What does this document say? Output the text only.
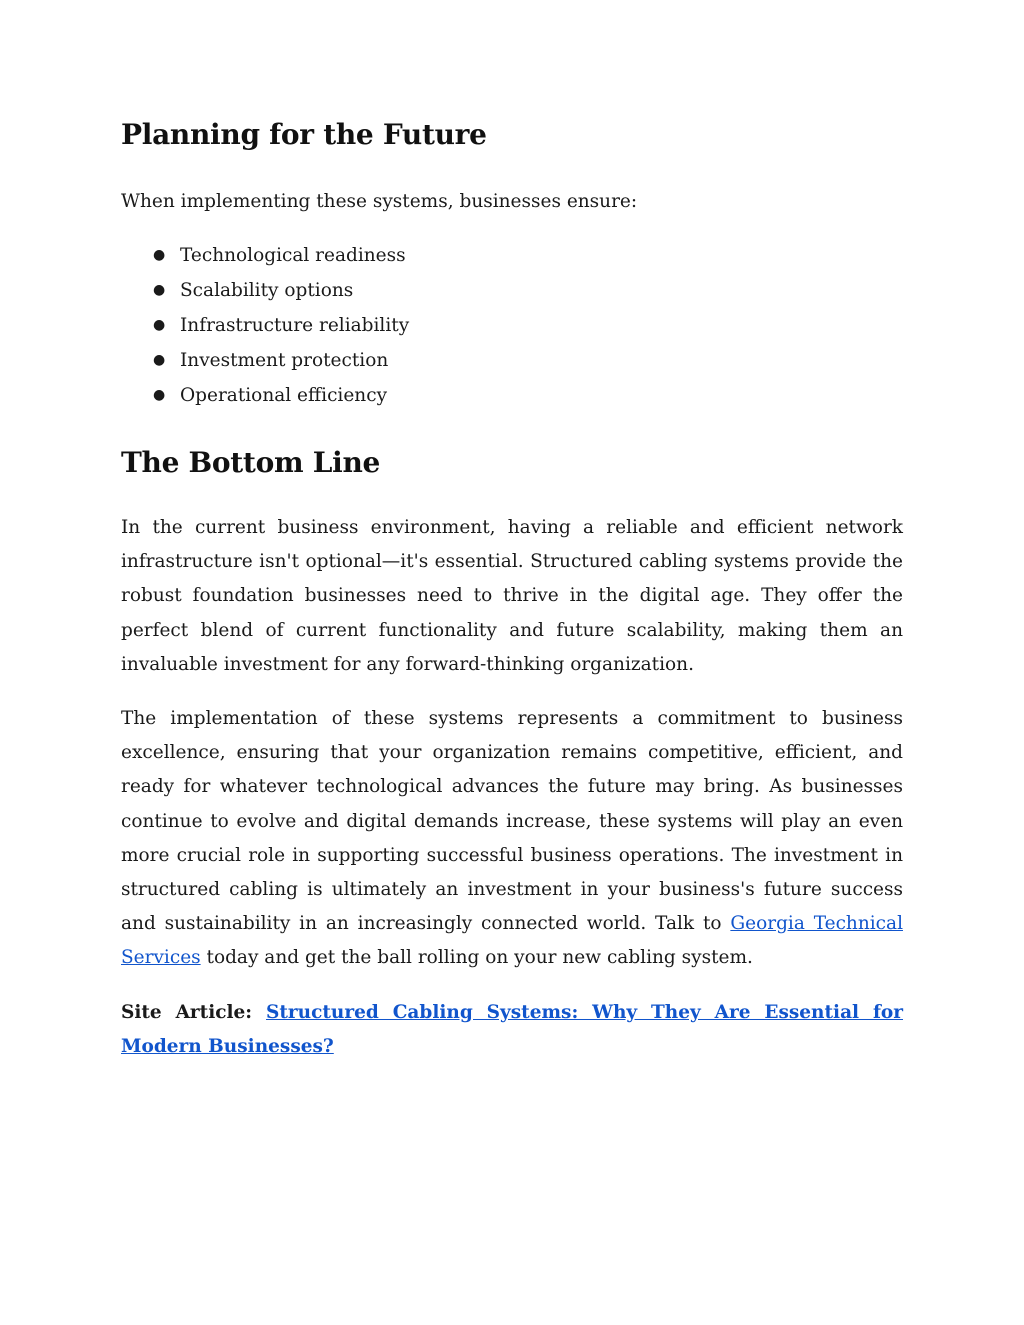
Planning for the Future

When implementing these systems, businesses ensure:

● Technological readiness
● Scalability options
● Infrastructure reliability
● Investment protection
● Operational efficiency
The Bottom Line

In the current business environment, having a reliable and efficient network infrastructure isn't optional—it's essential. Structured cabling systems provide the robust foundation businesses need to thrive in the digital age. They offer the perfect blend of current functionality and future scalability, making them an invaluable investment for any forward-thinking organization.

The implementation of these systems represents a commitment to business excellence, ensuring that your organization remains competitive, efficient, and ready for whatever technological advances the future may bring. As businesses continue to evolve and digital demands increase, these systems will play an even more crucial role in supporting successful business operations. The investment in structured cabling is ultimately an investment in your business's future success and sustainability in an increasingly connected world. Talk to Georgia Technical Services today and get the ball rolling on your new cabling system.

Site Article: Structured Cabling Systems: Why They Are Essential for Modern Businesses?
